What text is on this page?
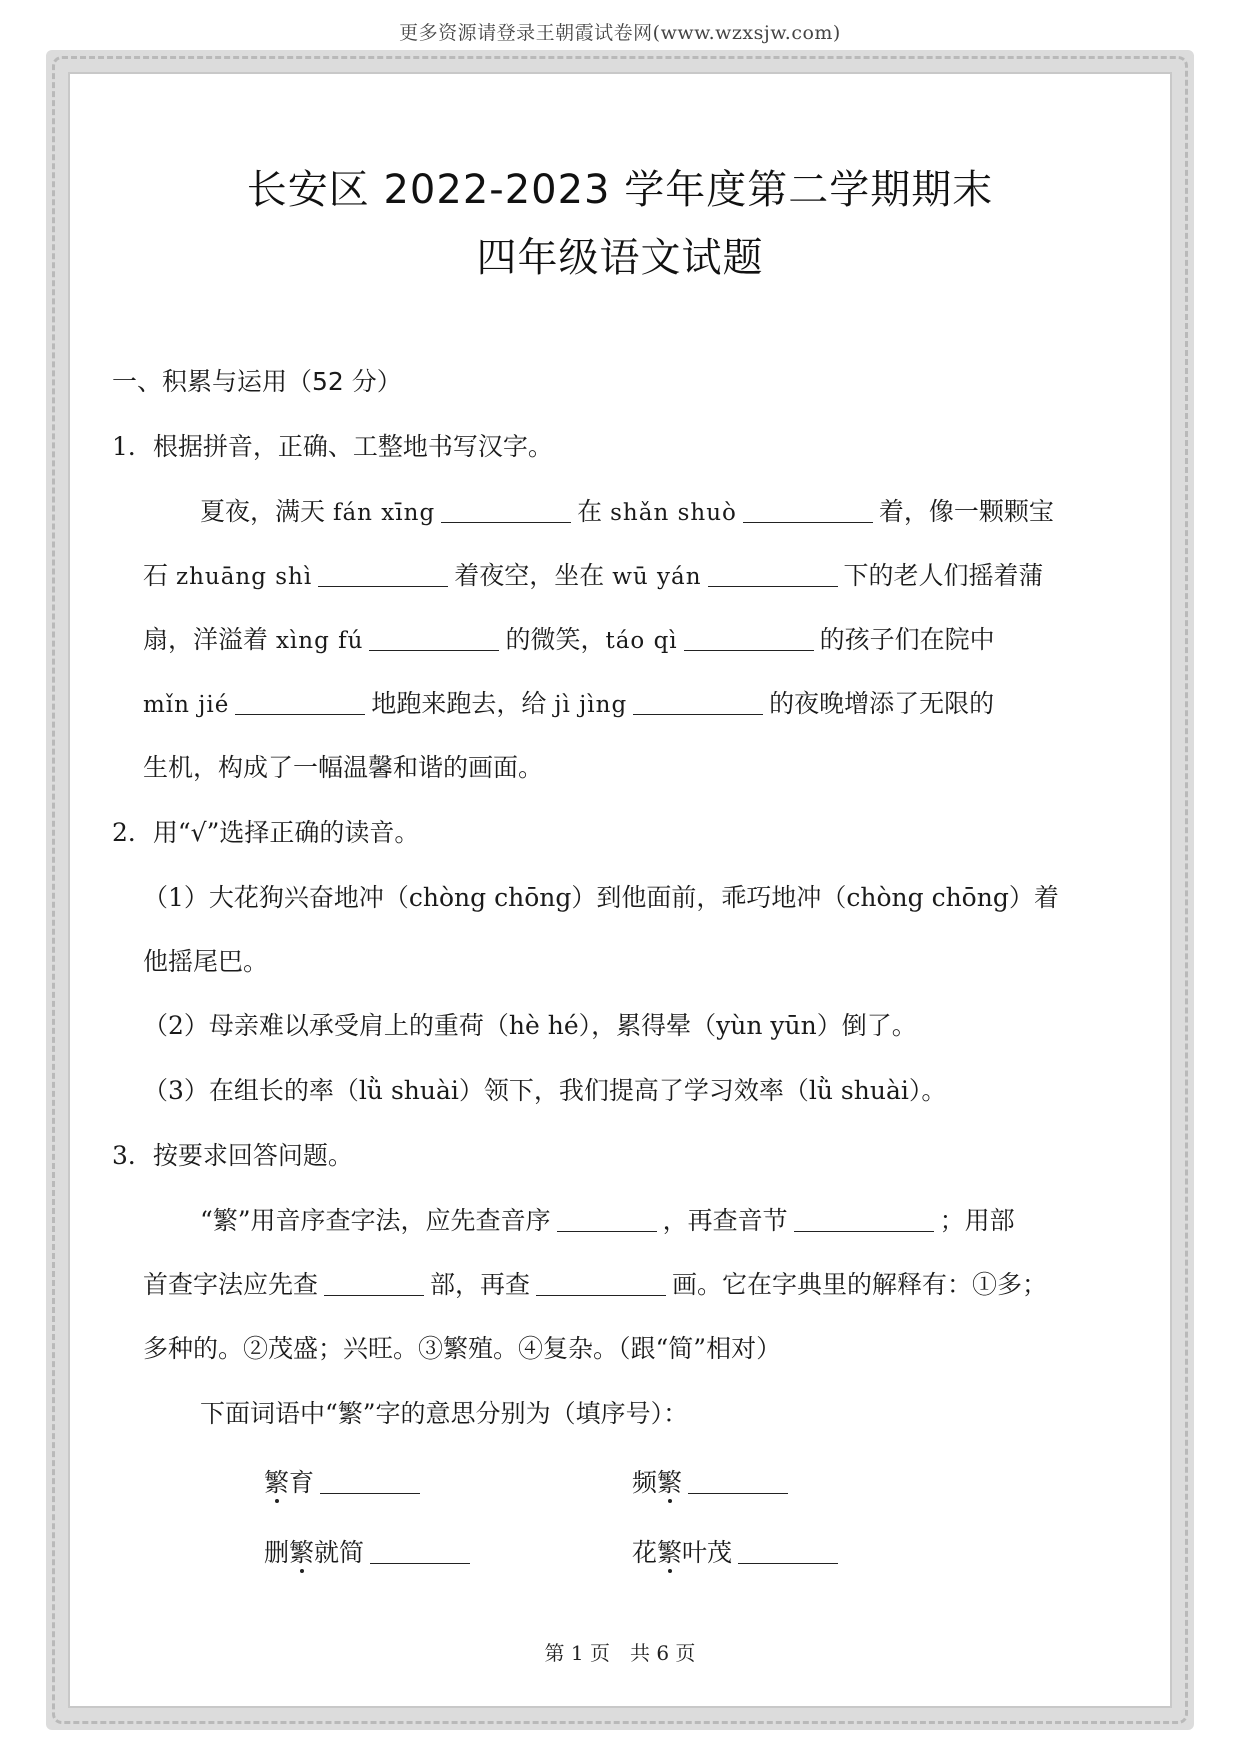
更多资源请登录王朝霞试卷网(www.wzxsjw.com)
长安区 2022-2023 学年度第二学期期末
四年级语文试题
一、积累与运用（52 分）
1．根据拼音，正确、工整地书写汉字。
夏夜，满天 fán xīng	在 shǎn shuò	着，像一颗颗宝
石 zhuāng shì	着夜空，坐在 wū yán	下的老人们摇着蒲
扇，洋溢着 xìng fú	的微笑，táo qì	的孩子们在院中
mǐn jié	地跑来跑去，给 jì jìng	的夜晚增添了无限的
生机，构成了一幅温馨和谐的画面。
2．用“√”选择正确的读音。
（1）大花狗兴奋地冲（chòng chōng）到他面前，乖巧地冲（chòng chōng）着
他摇尾巴。
（2）母亲难以承受肩上的重荷（hè hé），累得晕（yùn yūn）倒了。
（3）在组长的率（lǜ shuài）领下，我们提高了学习效率（lǜ shuài）。
3．按要求回答问题。
“繁”用音序查字法，应先查音序	，再查音节	；用部
首查字法应先查	部，再查	画。它在字典里的解释有：①多；
多种的。②茂盛；兴旺。③繁殖。④复杂。（跟“简”相对）
下面词语中“繁”字的意思分别为（填序号）：
繁育	频繁
删繁就简	花繁叶茂
第 1 页　共 6 页
